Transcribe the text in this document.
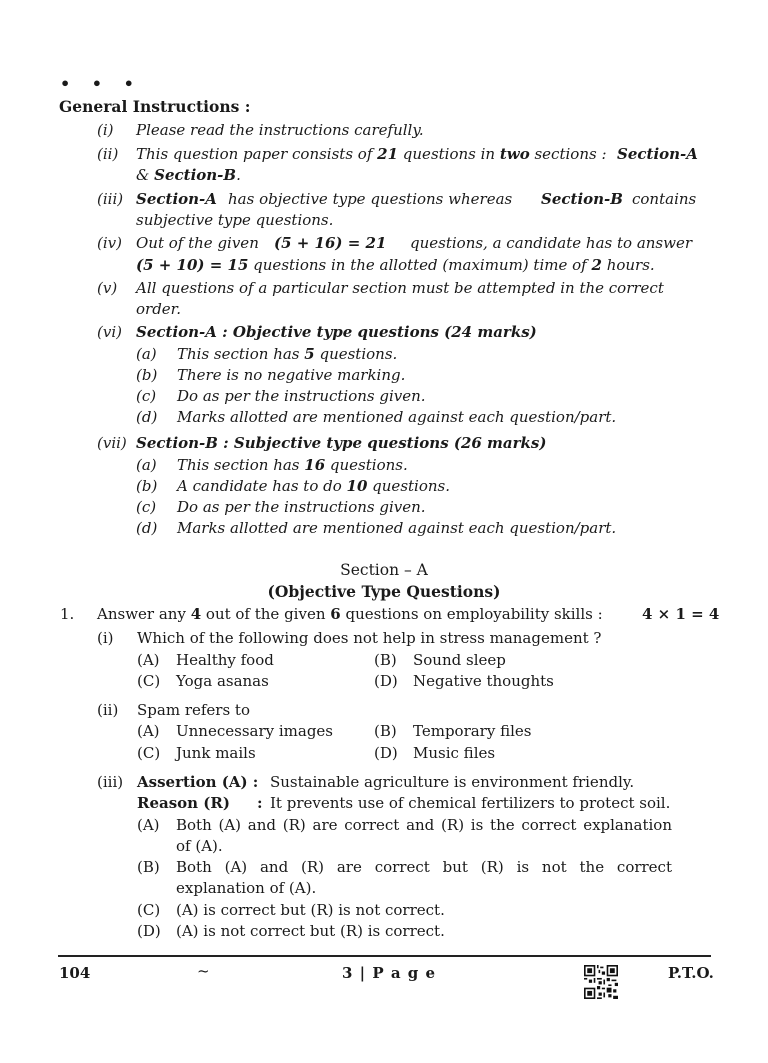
• • •
General Instructions :
(i) Please read the instructions carefully.
(ii) This question paper consists of 21 questions in two sections : Section-A
& Section-B.
(iii) Section-A has objective type questions whereas Section-B contains
subjective type questions.
(iv) Out of the given (5 + 16) = 21 questions, a candidate has to answer
(5 + 10) = 15 questions in the allotted (maximum) time of 2 hours.
(v) All questions of a particular section must be attempted in the correct
order.
(vi) Section-A : Objective type questions (24 marks)
(a) This section has 5 questions.
(b) There is no negative marking.
(c) Do as per the instructions given.
(d) Marks allotted are mentioned against each question/part.
(vii) Section-B : Subjective type questions (26 marks)
(a) This section has 16 questions.
(b) A candidate has to do 10 questions.
(c) Do as per the instructions given.
(d) Marks allotted are mentioned against each question/part.
Section – A
(Objective Type Questions)
1. Answer any 4 out of the given 6 questions on employability skills :	4 × 1 = 4
(i) Which of the following does not help in stress management ?
(A) Healthy food	(B) Sound sleep
(C) Yoga asanas	(D) Negative thoughts
(ii) Spam refers to
(A) Unnecessary images	(B) Temporary files
(C) Junk mails	(D) Music files
(iii) Assertion (A) : Sustainable agriculture is environment friendly.
Reason (R) : It prevents use of chemical fertilizers to protect soil.
(A) Both (A) and (R) are correct and (R) is the correct explanation
of (A).
(B) Both (A) and (R) are correct but (R) is not the correct
explanation of (A).
(C) (A) is correct but (R) is not correct.
(D) (A) is not correct but (R) is correct.
104	~	3 | P a g e	P.T.O.
